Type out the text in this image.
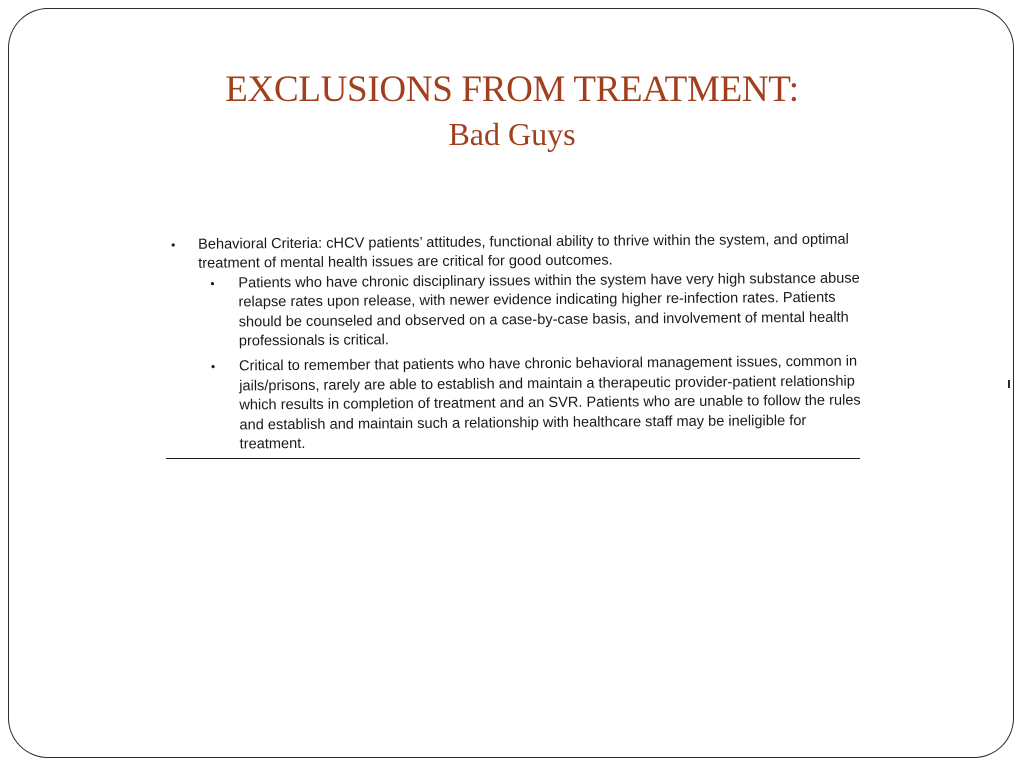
EXCLUSIONS FROM TREATMENT:
Bad Guys
• Behavioral Criteria: cHCV patients’ attitudes, functional ability to thrive within the system, and optimal treatment of mental health issues are critical for good outcomes.
• Patients who have chronic disciplinary issues within the system have very high substance abuse relapse rates upon release, with newer evidence indicating higher re-infection rates. Patients should be counseled and observed on a case-by-case basis, and involvement of mental health professionals is critical.
• Critical to remember that patients who have chronic behavioral management issues, common in jails/prisons, rarely are able to establish and maintain a therapeutic provider-patient relationship which results in completion of treatment and an SVR. Patients who are unable to follow the rules and establish and maintain such a relationship with healthcare staff may be ineligible for treatment.
